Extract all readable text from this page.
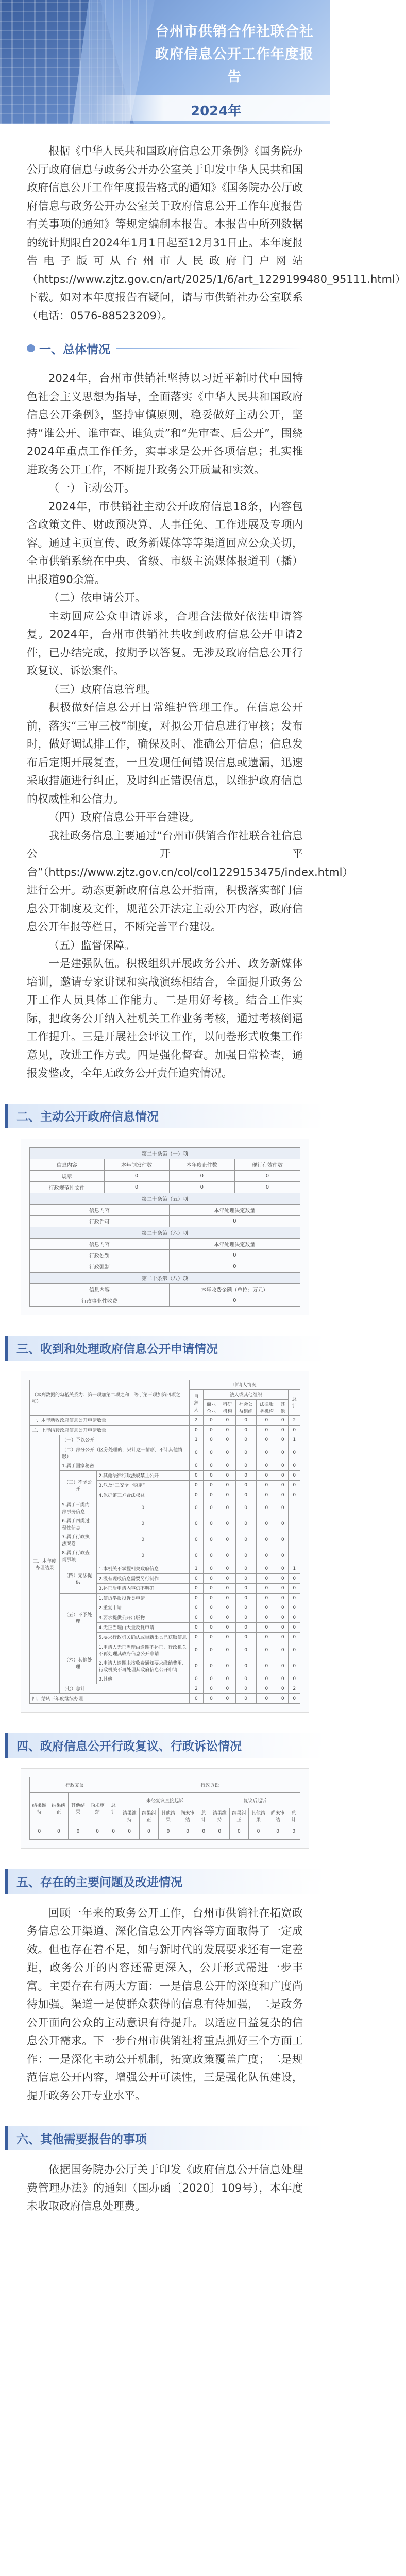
台州市供销合作社联合社
政府信息公开工作年度报告
2024年

根据《中华人民共和国政府信息公开条例》《国务院办公厅政府信息与政务公开办公室关于印发中华人民共和国政府信息公开工作年度报告格式的通知》《国务院办公厅政府信息与政务公开办公室关于政府信息公开工作年度报告有关事项的通知》等规定编制本报告。本报告中所列数据的统计期限自2024年1月1日起至12月31日止。本年度报告电子版可从台州市人民政府门户网站（https://www.zjtz.gov.cn/art/2025/1/6/art_1229199480_95111.html）下载。如对本年度报告有疑问，请与市供销社办公室联系（电话：0576-88523209）。

一、总体情况

2024年，台州市供销社坚持以习近平新时代中国特色社会主义思想为指导，全面落实《中华人民共和国政府信息公开条例》，坚持审慎原则，稳妥做好主动公开，坚持“谁公开、谁审查、谁负责”和“先审查、后公开”，围绕2024年重点工作任务，实事求是公开各项信息；扎实推进政务公开工作，不断提升政务公开质量和实效。

（一）主动公开。

2024年，市供销社主动公开政府信息18条，内容包含政策文件、财政预决算、人事任免、工作进展及专项内容。通过主页宣传、政务新媒体等等渠道回应公众关切，全市供销系统在中央、省级、市级主流媒体报道刊（播）出报道90余篇。

（二）依申请公开。

主动回应公众申请诉求，合理合法做好依法申请答复。2024年，台州市供销社共收到政府信息公开申请2件，已办结完成，按期予以答复。无涉及政府信息公开行政复议、诉讼案件。

（三）政府信息管理。

积极做好信息公开日常维护管理工作。在信息公开前，落实“三审三校”制度，对拟公开信息进行审核；发布时，做好调试排工作，确保及时、准确公开信息；信息发布后定期开展复查，一旦发现任何错误信息或遗漏，迅速采取措施进行纠正，及时纠正错误信息，以维护政府信息的权威性和公信力。

（四）政府信息公开平台建设。

我社政务信息主要通过“台州市供销合作社联合社信息公开平台”（https://www.zjtz.gov.cn/col/col1229153475/index.html）进行公开。动态更新政府信息公开指南，积极落实部门信息公开制度及文件，规范公开法定主动公开内容，政府信息公开年报等栏目，不断完善平台建设。

（五）监督保障。

一是建强队伍。积极组织开展政务公开、政务新媒体培训，邀请专家讲课和实战演练相结合，全面提升政务公开工作人员具体工作能力。二是用好考核。结合工作实际，把政务公开纳入社机关工作业务考核，通过考核倒逼工作提升。三是开展社会评议工作，以问卷形式收集工作意见，改进工作方式。四是强化督查。加强日常检查，通报发整改，全年无政务公开责任追究情况。

二、主动公开政府信息情况
第二十条第（一）项			
信息内容	本年制发件数	本年废止件数	现行有效件数
规章	0	0	0
行政规范性文件	0	0	0
第二十条第（五）项			
信息内容		本年处理决定数量	
行政许可		0	
第二十条第（六）项			
信息内容		本年处理决定数量	
行政处罚		0	
行政强制		0	
第二十条第（八）项			
信息内容		本年收费金额（单位：万元）	
行政事业性收费		0	
三、收到和处理政府信息公开申请情况
（本列数据的勾稽关系为：第一项加第二项之和，等于第三项加第四项之和）			申请人情况						
			自然人	法人或其他组织					总计
				商业企业	科研机构	社会公益组织	法律服务机构	其他	
一、本年新收政府信息公开申请数量			2	0	0	0	0	0	2
二、上年结转政府信息公开申请数量			0	0	0	0	0	0	0
三、本年度办理结果	（一）予以公开		1	0	0	0	0	0	1
	（二）部分公开（区分处理的，只计这一情形，不计其他情形）		0	0	0	0	0	0	0
	1.属于国家秘密		0	0	0	0	0	0	0
	（三）不予公开	2.其他法律行政法规禁止公开	0	0	0	0	0	0	0
		3.危及“三安全一稳定”	0	0	0	0	0	0	0
		4.保护第三方合法权益	0	0	0	0	0	0	0
	5.属于三类内部事务信息	0	0	0	0	0	0	0	
	6.属于四类过程性信息	0	0	0	0	0	0	0	
	7.属于行政执法案卷	0	0	0	0	0	0	0	
	8.属于行政查询事项	0	0	0	0	0	0	0	
	（四）无法提供	1.本机关不掌握相关政府信息	1	0	0	0	0	0	1
		2.没有现成信息需要另行制作	0	0	0	0	0	0	0
		3.补正后申请内容仍不明确	0	0	0	0	0	0	0
	（五）不予处理	1.信访举报投诉类申请	0	0	0	0	0	0	0
		2.重复申请	0	0	0	0	0	0	0
		3.要求提供公开出版物	0	0	0	0	0	0	0
		4.无正当理由大量反复申请	0	0	0	0	0	0	0
		5.要求行政机关确认或重新出具已获取信息	0	0	0	0	0	0	0
	（六）其他处理	1.申请人无正当理由逾期不补正、行政机关不再处理其政府信息公开申请	0	0	0	0	0	0	0
		2.申请人逾期未按收费通知要求缴纳费用、行政机关不再处理其政府信息公开申请	0	0	0	0	0	0	0
		3.其他	0	0	0	0	0	0	0
	（七）总计		2	0	0	0	0	0	2
四、结转下年度继续办理			0	0	0	0	0	0	0
四、政府信息公开行政复议、行政诉讼情况
行政复议					行政诉讼									
结果维持	结果纠正	其他结果	尚未审结	总计	未经复议直接起诉					复议后起诉				
					结果维持	结果纠正	其他结果	尚未审结	总计	结果维持	结果纠正	其他结果	尚未审结	总计
0	0	0	0	0	0	0	0	0	0	0	0	0	0	0
五、存在的主要问题及改进情况

回顾一年来的政务公开工作，台州市供销社在拓宽政务信息公开渠道、深化信息公开内容等方面取得了一定成效。但也存在着不足，如与新时代的发展要求还有一定差距，政务公开的内容还需更深入，公开形式需进一步丰富。主要存在有两大方面：一是信息公开的深度和广度尚待加强。渠道一是使群众获得的信息有待加强，二是政务公开面向公众的主动意识有待提升。以适应日益复杂的信息公开需求。下一步台州市供销社将重点抓好三个方面工作：一是深化主动公开机制，拓宽政策覆盖广度；二是规范信息公开内容，增强公开可读性，三是强化队伍建设，提升政务公开专业水平。

六、其他需要报告的事项

依据国务院办公厅关于印发《政府信息公开信息处理费管理办法》的通知（国办函〔2020〕109号），本年度未收取政府信息处理费。
